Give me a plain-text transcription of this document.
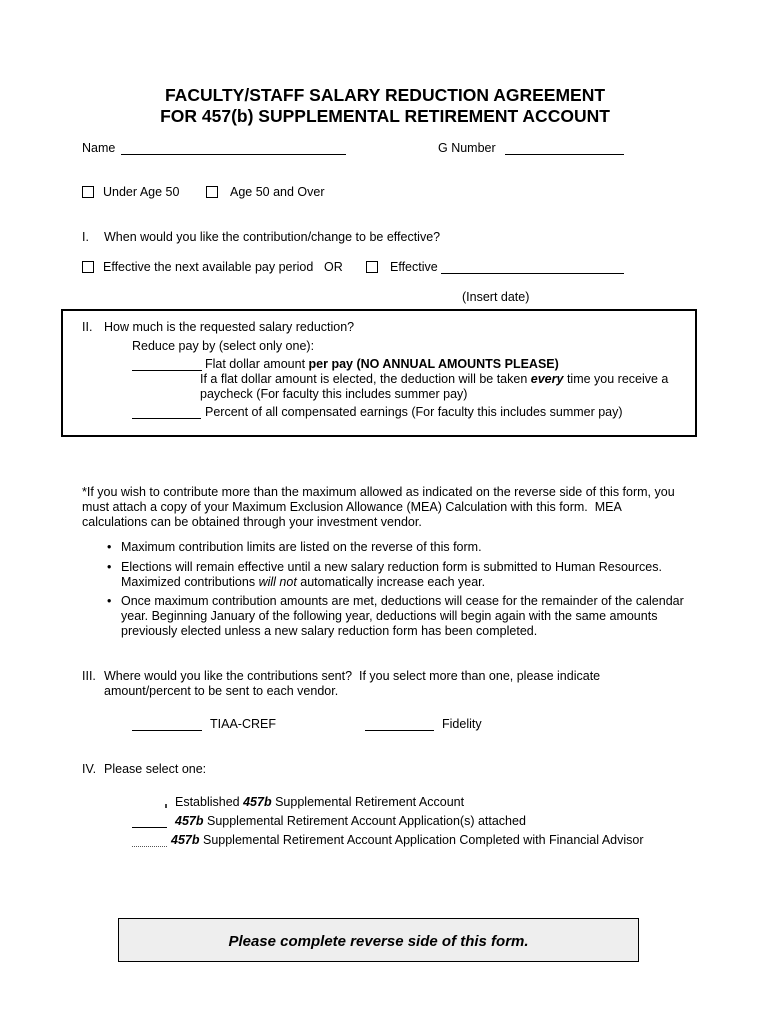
FACULTY/STAFF SALARY REDUCTION AGREEMENT
FOR 457(b) SUPPLEMENTAL RETIREMENT ACCOUNT
Name	G Number
Under Age 50	Age 50 and Over
I. When would you like the contribution/change to be effective?
Effective the next available pay period OR	Effective
(Insert date)
II. How much is the requested salary reduction?
Reduce pay by (select only one):
Flat dollar amount per pay (NO ANNUAL AMOUNTS PLEASE)
If a flat dollar amount is elected, the deduction will be taken every time you receive a
paycheck (For faculty this includes summer pay)
Percent of all compensated earnings (For faculty this includes summer pay)
*If you wish to contribute more than the maximum allowed as indicated on the reverse side of this form, you
must attach a copy of your Maximum Exclusion Allowance (MEA) Calculation with this form.  MEA
calculations can be obtained through your investment vendor.
• Maximum contribution limits are listed on the reverse of this form.
• Elections will remain effective until a new salary reduction form is submitted to Human Resources.
Maximized contributions will not automatically increase each year.
• Once maximum contribution amounts are met, deductions will cease for the remainder of the calendar
year. Beginning January of the following year, deductions will begin again with the same amounts
previously elected unless a new salary reduction form has been completed.
III. Where would you like the contributions sent?  If you select more than one, please indicate
amount/percent to be sent to each vendor.
TIAA-CREF	Fidelity
IV. Please select one:
Established 457b Supplemental Retirement Account
457b Supplemental Retirement Account Application(s) attached
457b Supplemental Retirement Account Application Completed with Financial Advisor
Please complete reverse side of this form.
